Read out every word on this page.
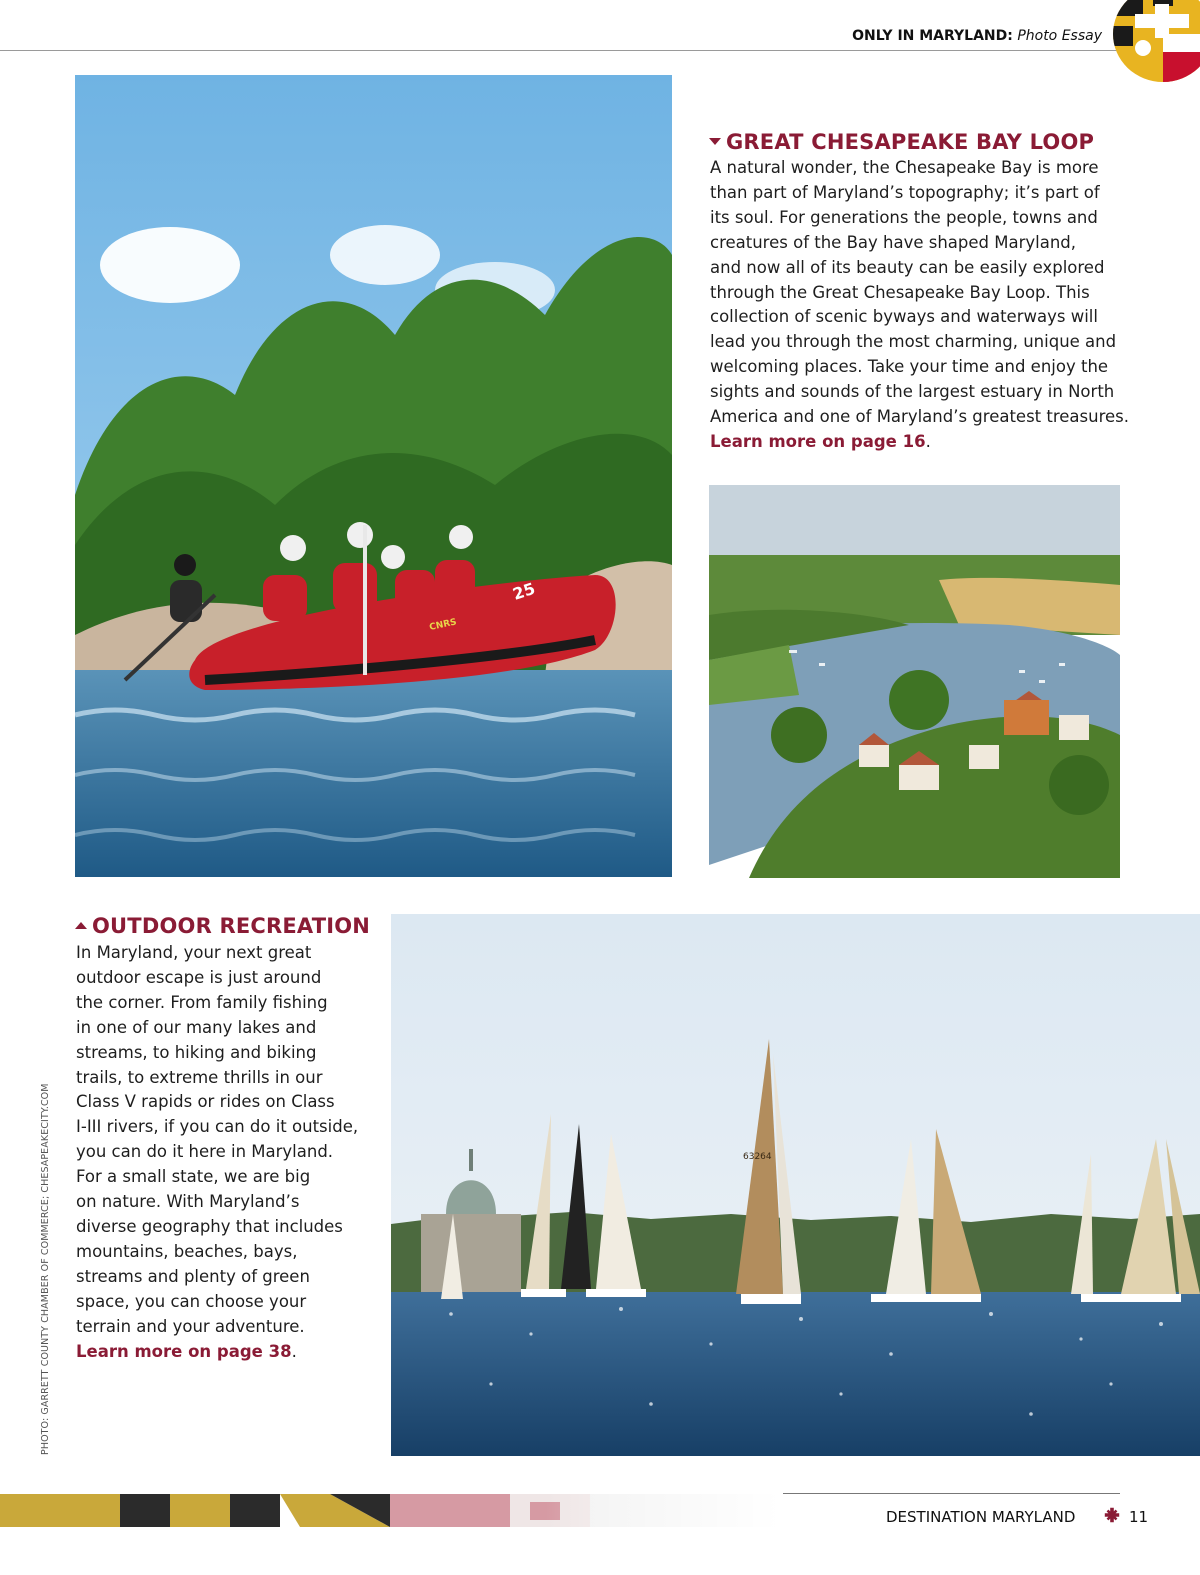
ONLY IN MARYLAND: Photo Essay
25
CNRS
GREAT CHESAPEAKE BAY LOOP
A natural wonder, the Chesapeake Bay is more
than part of Maryland’s topography; it’s part of
its soul. For generations the people, towns and
creatures of the Bay have shaped Maryland,
and now all of its beauty can be easily explored
through the Great Chesapeake Bay Loop. This
collection of scenic byways and waterways will
lead you through the most charming, unique and
welcoming places. Take your time and enjoy the
sights and sounds of the largest estuary in North
America and one of Maryland’s greatest treasures.
Learn more on page 16.
OUTDOOR RECREATION
In Maryland, your next great
outdoor escape is just around
the corner. From family fishing
in one of our many lakes and
streams, to hiking and biking
trails, to extreme thrills in our
Class V rapids or rides on Class
I-III rivers, if you can do it outside,
you can do it here in Maryland.
For a small state, we are big
on nature. With Maryland’s
diverse geography that includes
mountains, beaches, bays,
streams and plenty of green
space, you can choose your
terrain and your adventure.
Learn more on page 38.
63264
PHOTO: GARRETT COUNTY CHAMBER OF COMMERCE; CHESAPEAKECITY.COM
DESTINATION MARYLAND	11
